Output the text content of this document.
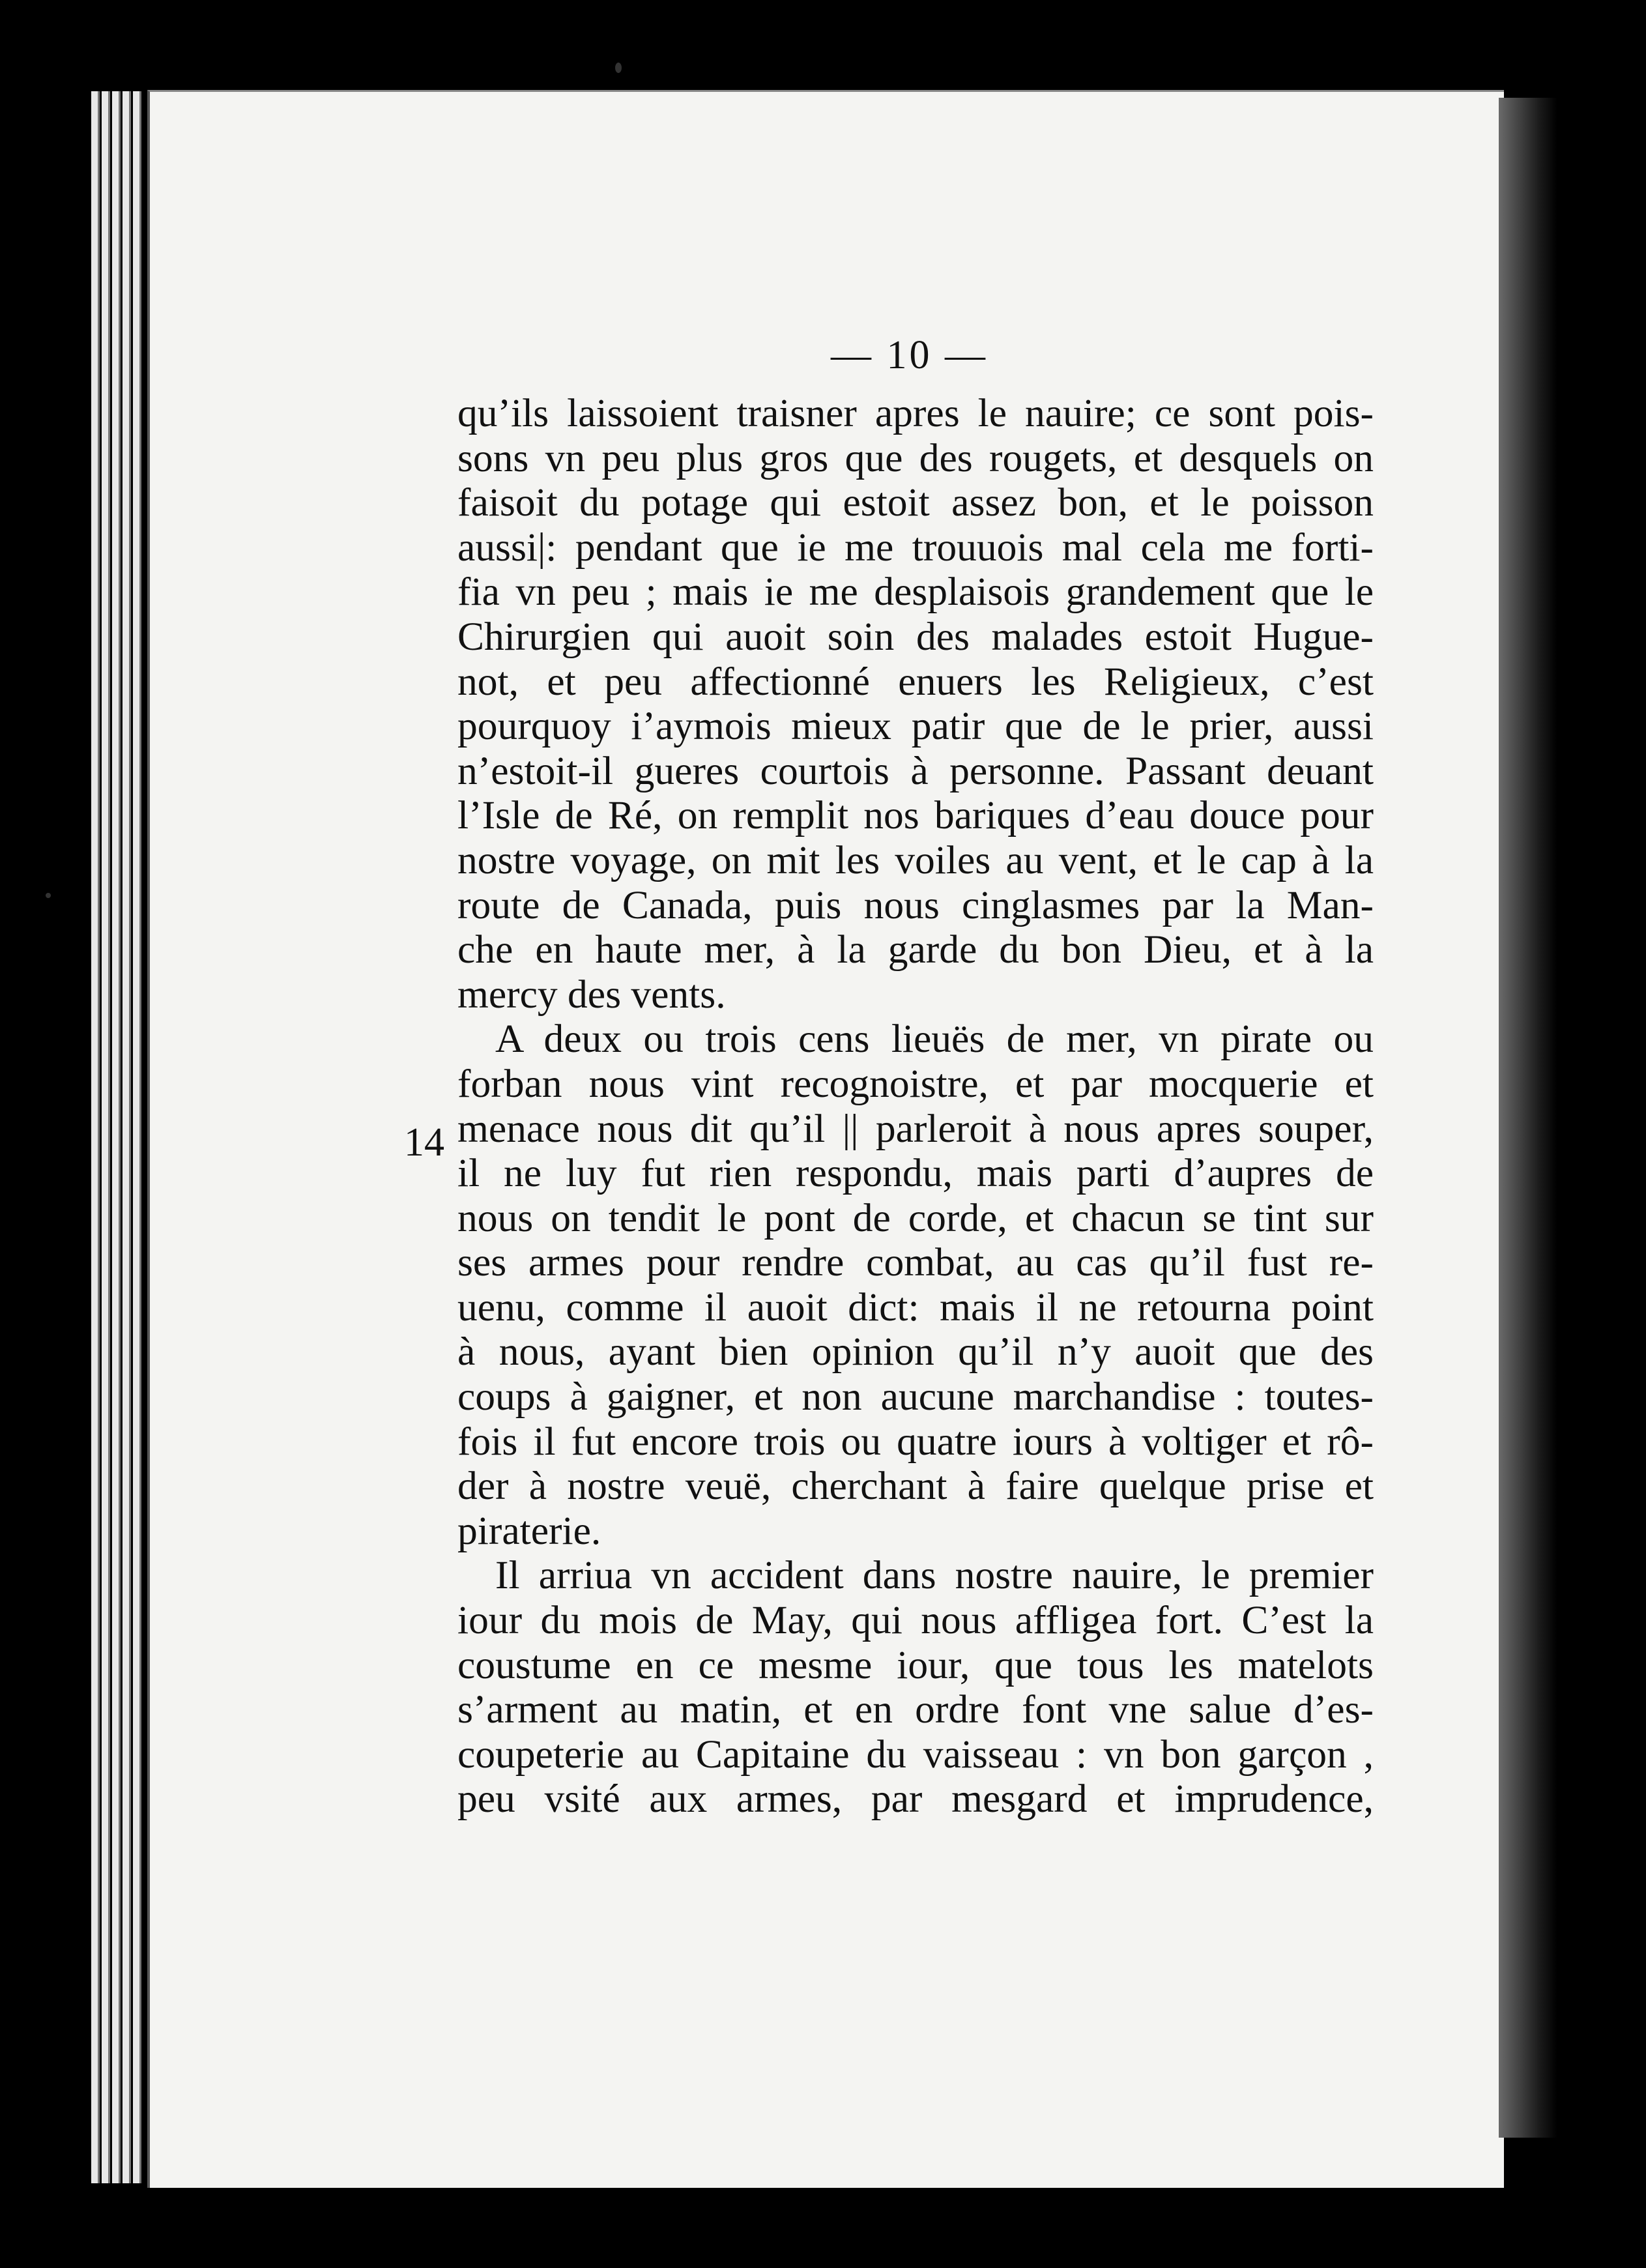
— 10 —
14
qu’ils laissoient traisner apres le nauire; ce sont pois-
sons vn peu plus gros que des rougets, et desquels on
faisoit du potage qui estoit assez bon, et le poisson
aussi|: pendant que ie me trouuois mal cela me forti-
fia vn peu ; mais ie me desplaisois grandement que le
Chirurgien qui auoit soin des malades estoit Hugue-
not, et peu affectionné enuers les Religieux, c’est
pourquoy i’aymois mieux patir que de le prier, aussi
n’estoit-il gueres courtois à personne. Passant deuant
l’Isle de Ré, on remplit nos bariques d’eau douce pour
nostre voyage, on mit les voiles au vent, et le cap à la
route de Canada, puis nous cinglasmes par la Man-
che en haute mer, à la garde du bon Dieu, et à la
mercy des vents.
A deux ou trois cens lieuës de mer, vn pirate ou
forban nous vint recognoistre, et par mocquerie et
menace nous dit qu’il || parleroit à nous apres souper,
il ne luy fut rien respondu, mais parti d’aupres de
nous on tendit le pont de corde, et chacun se tint sur
ses armes pour rendre combat, au cas qu’il fust re-
uenu, comme il auoit dict: mais il ne retourna point
à nous, ayant bien opinion qu’il n’y auoit que des
coups à gaigner, et non aucune marchandise : toutes-
fois il fut encore trois ou quatre iours à voltiger et rô-
der à nostre veuë, cherchant à faire quelque prise et
piraterie.
Il arriua vn accident dans nostre nauire, le premier
iour du mois de May, qui nous affligea fort. C’est la
coustume en ce mesme iour, que tous les matelots
s’arment au matin, et en ordre font vne salue d’es-
coupeterie au Capitaine du vaisseau : vn bon garçon ,
peu vsité aux armes, par mesgard et imprudence,
